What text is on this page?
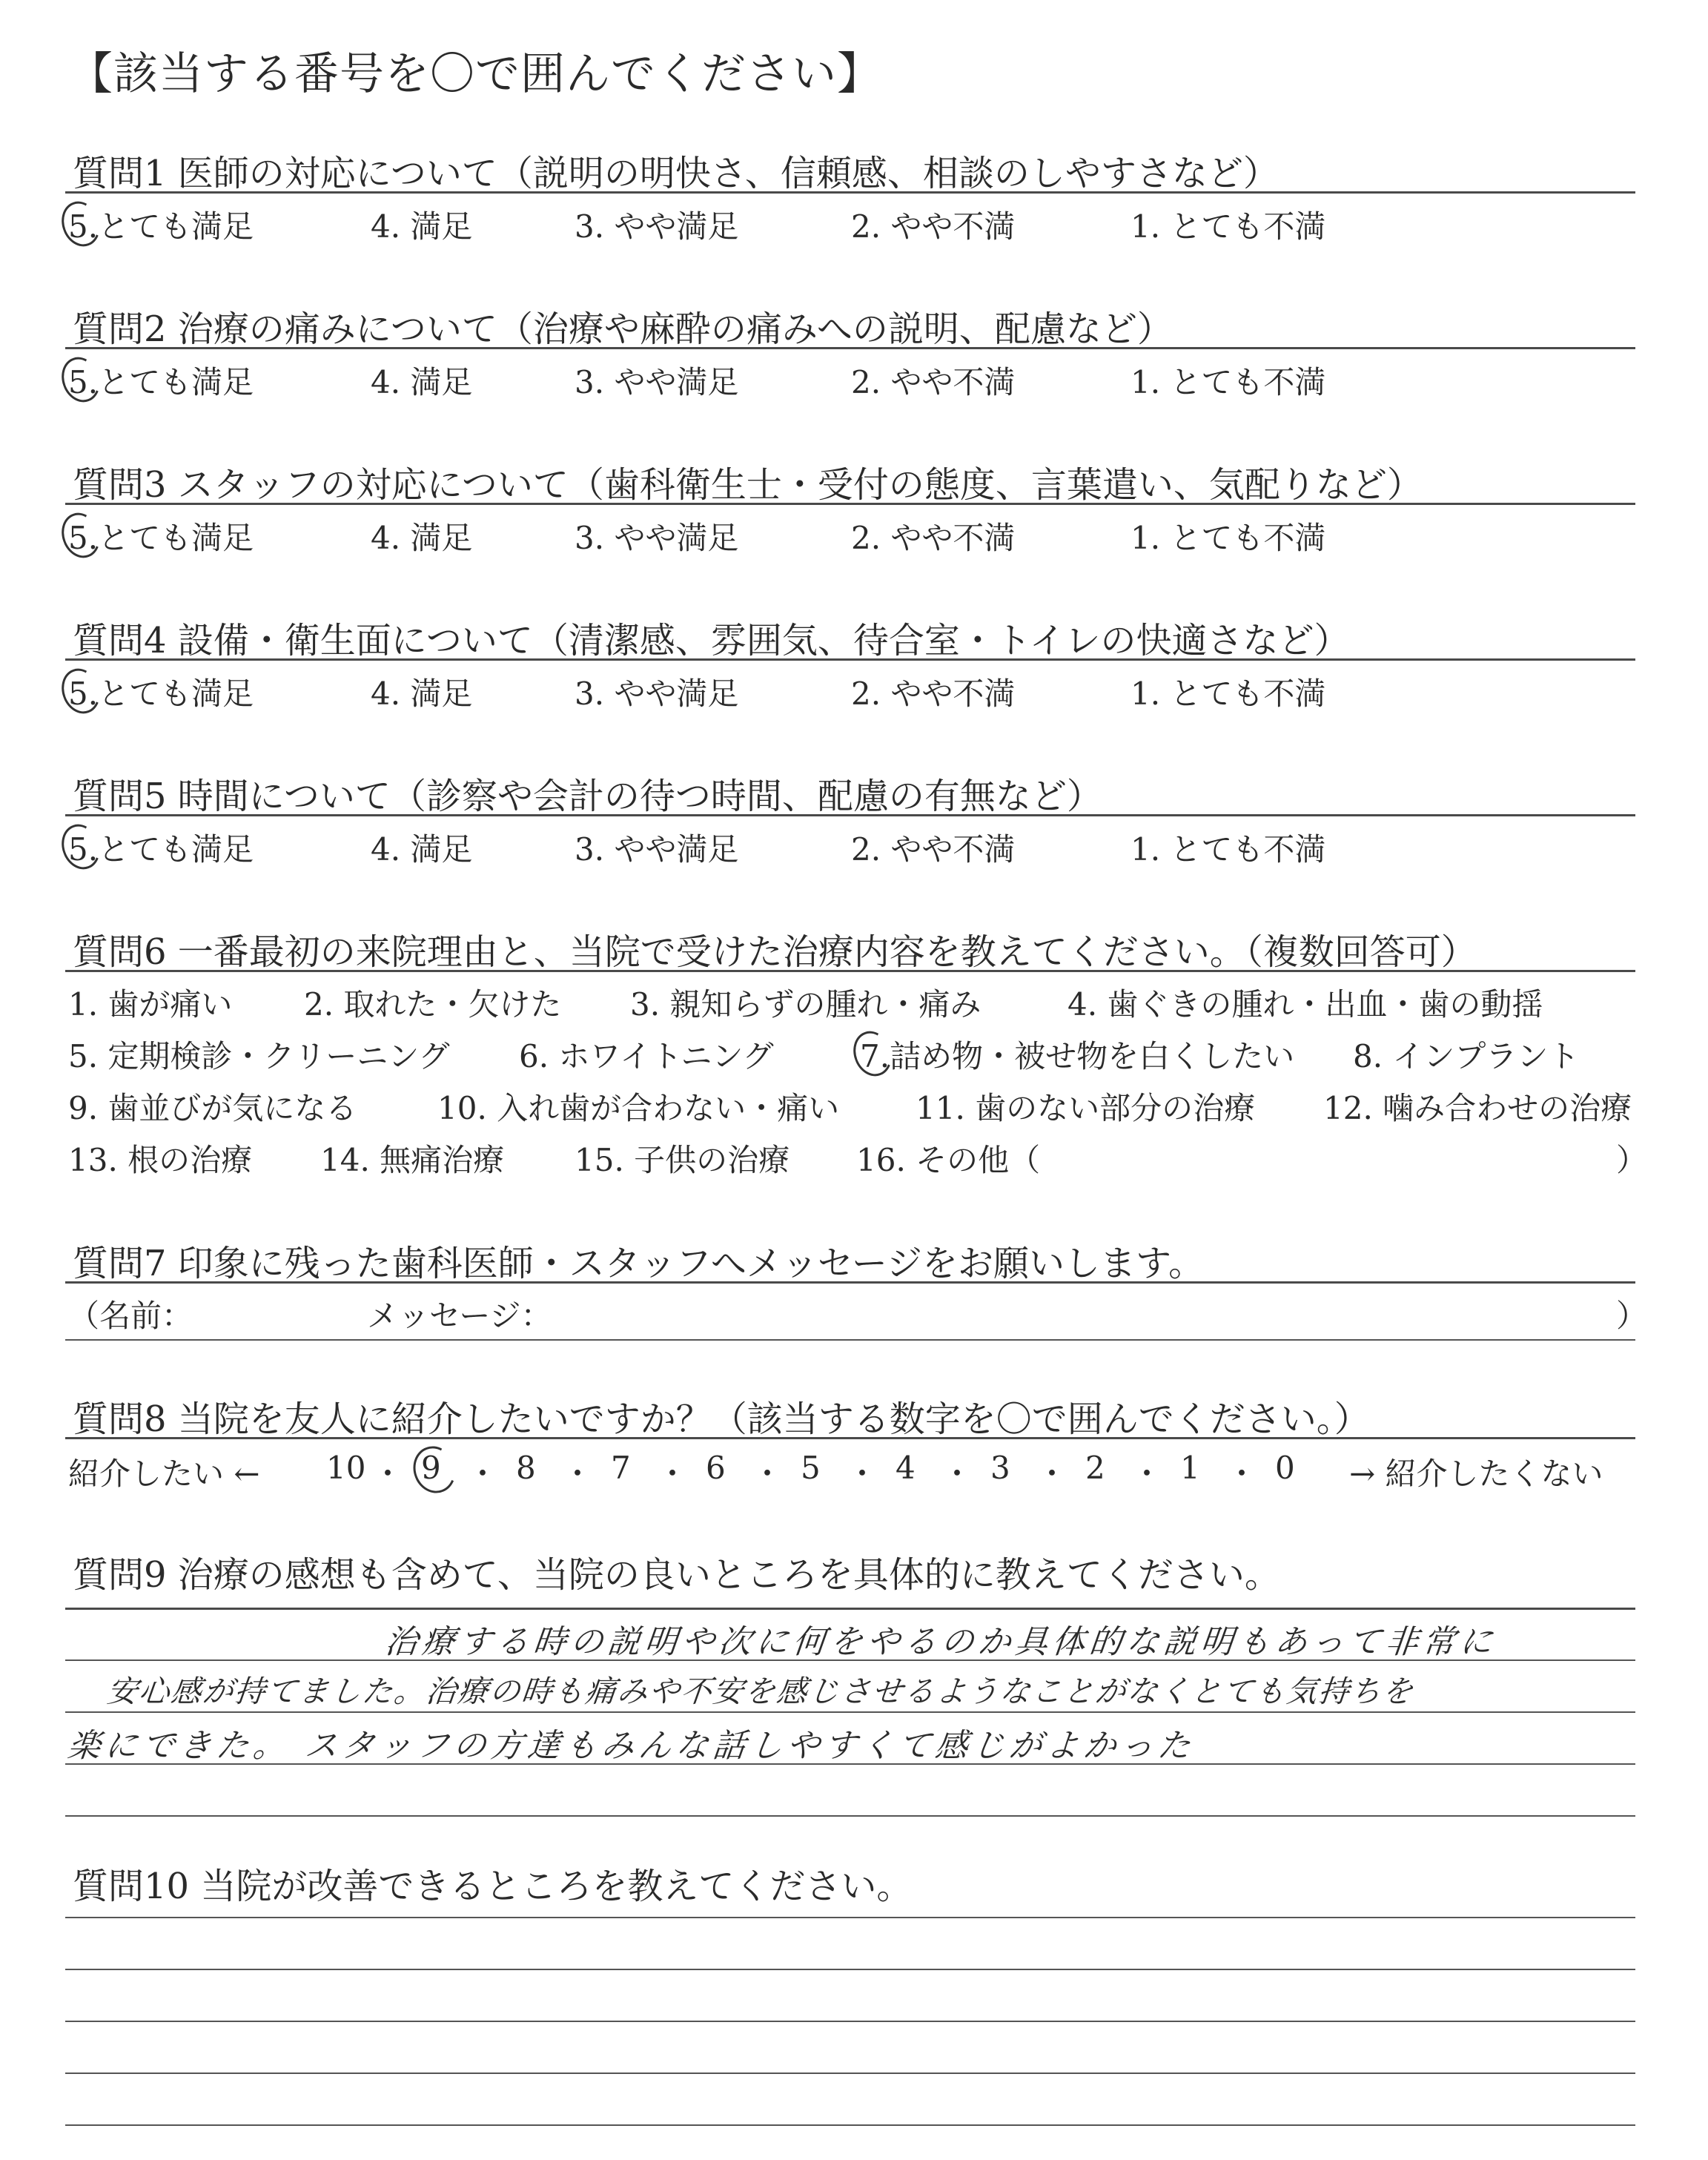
【該当する番号を〇で囲んでください】
質問1 医師の対応について（説明の明快さ、信頼感、相談のしやすさなど）
5.とても満足	4. 満足	3. やや満足	2. やや不満	1. とても不満
質問2 治療の痛みについて（治療や麻酔の痛みへの説明、配慮など）
5.とても満足	4. 満足	3. やや満足	2. やや不満	1. とても不満
質問3 スタッフの対応について（歯科衛生士・受付の態度、言葉遣い、気配りなど）
5.とても満足	4. 満足	3. やや満足	2. やや不満	1. とても不満
質問4 設備・衛生面について（清潔感、雰囲気、待合室・トイレの快適さなど）
5.とても満足	4. 満足	3. やや満足	2. やや不満	1. とても不満
質問5 時間について（診察や会計の待つ時間、配慮の有無など）
5.とても満足	4. 満足	3. やや満足	2. やや不満	1. とても不満
質問6 一番最初の来院理由と、当院で受けた治療内容を教えてください。（複数回答可）
1. 歯が痛い 2. 取れた・欠けた 3. 親知らずの腫れ・痛み	4. 歯ぐきの腫れ・出血・歯の動揺
5. 定期検診・クリーニング 6. ホワイトニング	7.詰め物・被せ物を白くしたい 8. インプラント
9. 歯並びが気になる	10. 入れ歯が合わない・痛い 11. 歯のない部分の治療 12. 噛み合わせの治療
13. 根の治療 14. 無痛治療 15. 子供の治療 16. その他（	）
質問7 印象に残った歯科医師・スタッフへメッセージをお願いします。
（名前：	メッセージ：	）
質問8 当院を友人に紹介したいですか？（該当する数字を〇で囲んでください。）
紹介したい ← 10 ・ 9 ・ 8 ・ 7 ・ 6 ・ 5 ・ 4 ・ 3 ・ 2 ・ 1 ・ 0 → 紹介したくない
質問9 治療の感想も含めて、当院の良いところを具体的に教えてください。
治療する時の説明や次に何をやるのか具体的な説明もあって非常に
安心感が持てました。治療の時も痛みや不安を感じさせるようなことがなくとても気持ちを
楽にできた。 スタッフの方達もみんな話しやすくて感じがよかった
質問10 当院が改善できるところを教えてください。
